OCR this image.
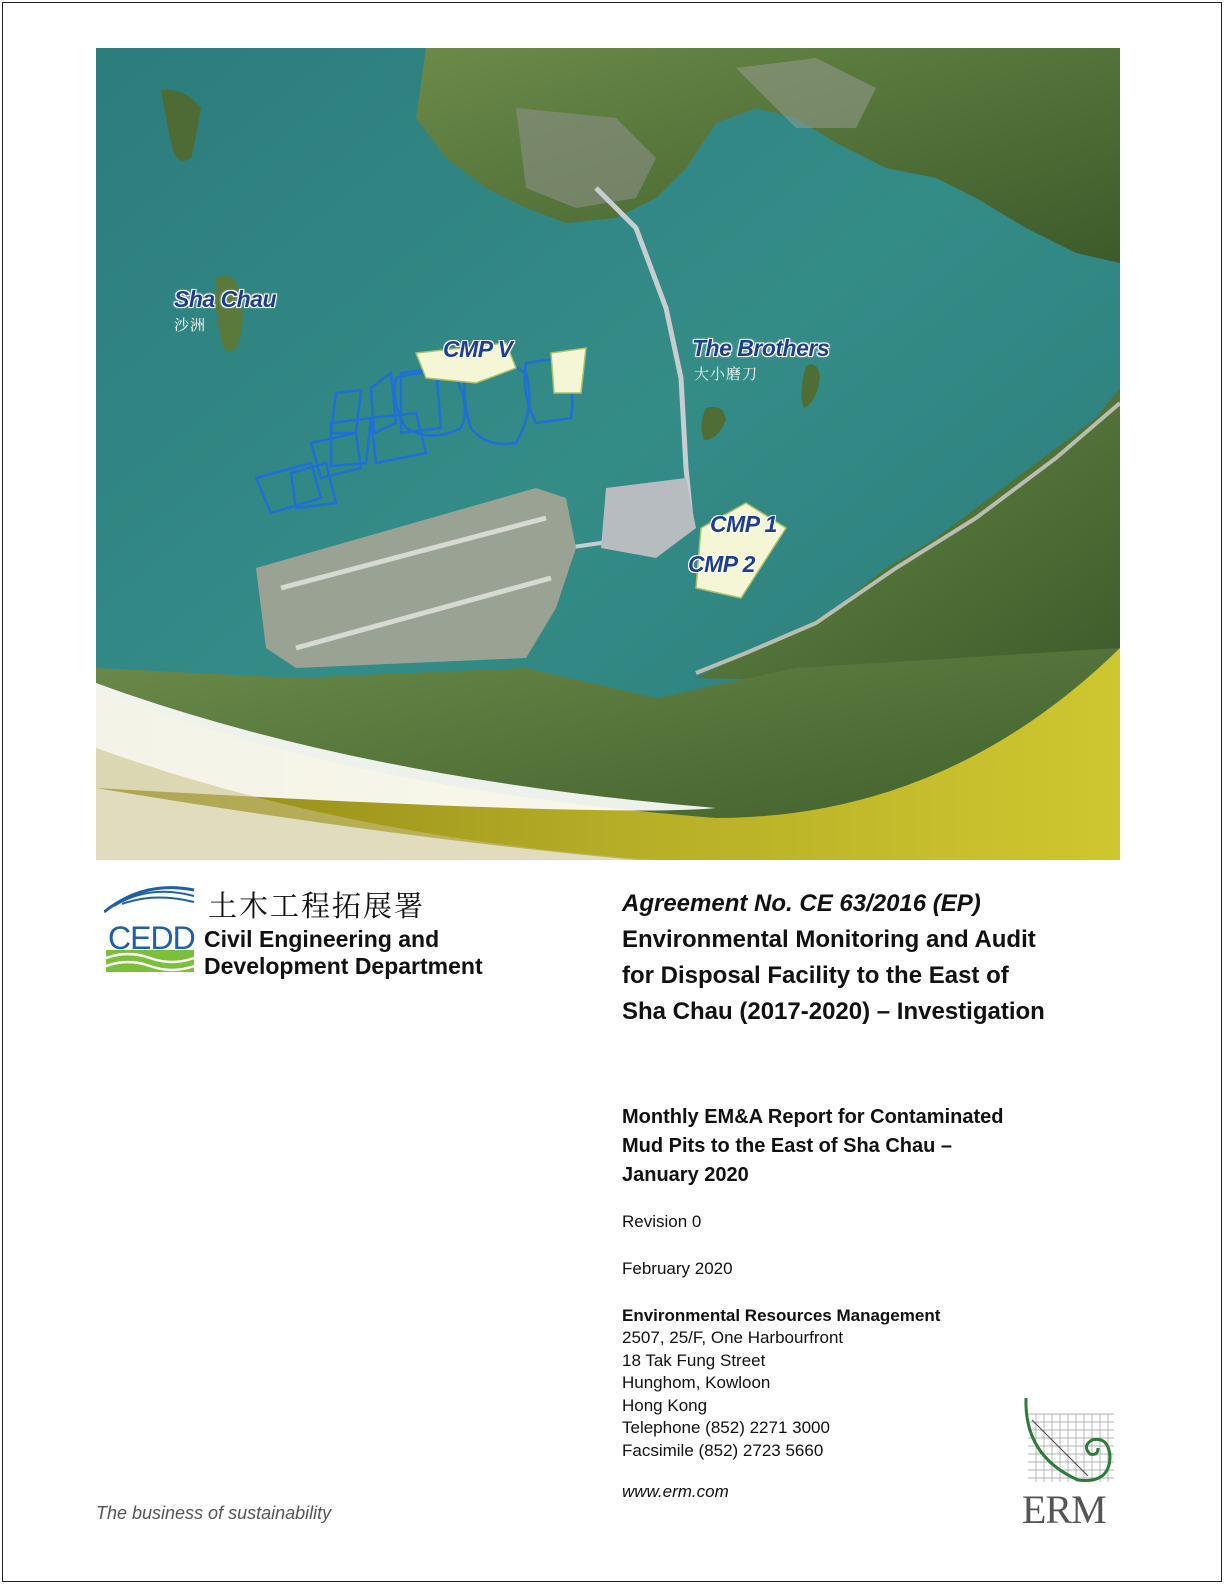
Sha Chau
沙洲
The Brothers
大小磨刀
CMP V
CMP 1
CMP 2
土木工程拓展署
CEDD Civil Engineering and
Development Department
Agreement No. CE 63/2016 (EP)
Environmental Monitoring and Audit
for Disposal Facility to the East of
Sha Chau (2017-2020) – Investigation
Monthly EM&A Report for Contaminated
Mud Pits to the East of Sha Chau –
January 2020
Revision 0
February 2020
Environmental Resources Management
2507, 25/F, One Harbourfront
18 Tak Fung Street
Hunghom, Kowloon
Hong Kong
Telephone (852) 2271 3000
Facsimile (852) 2723 5660
www.erm.com
The business of sustainability	ERM
